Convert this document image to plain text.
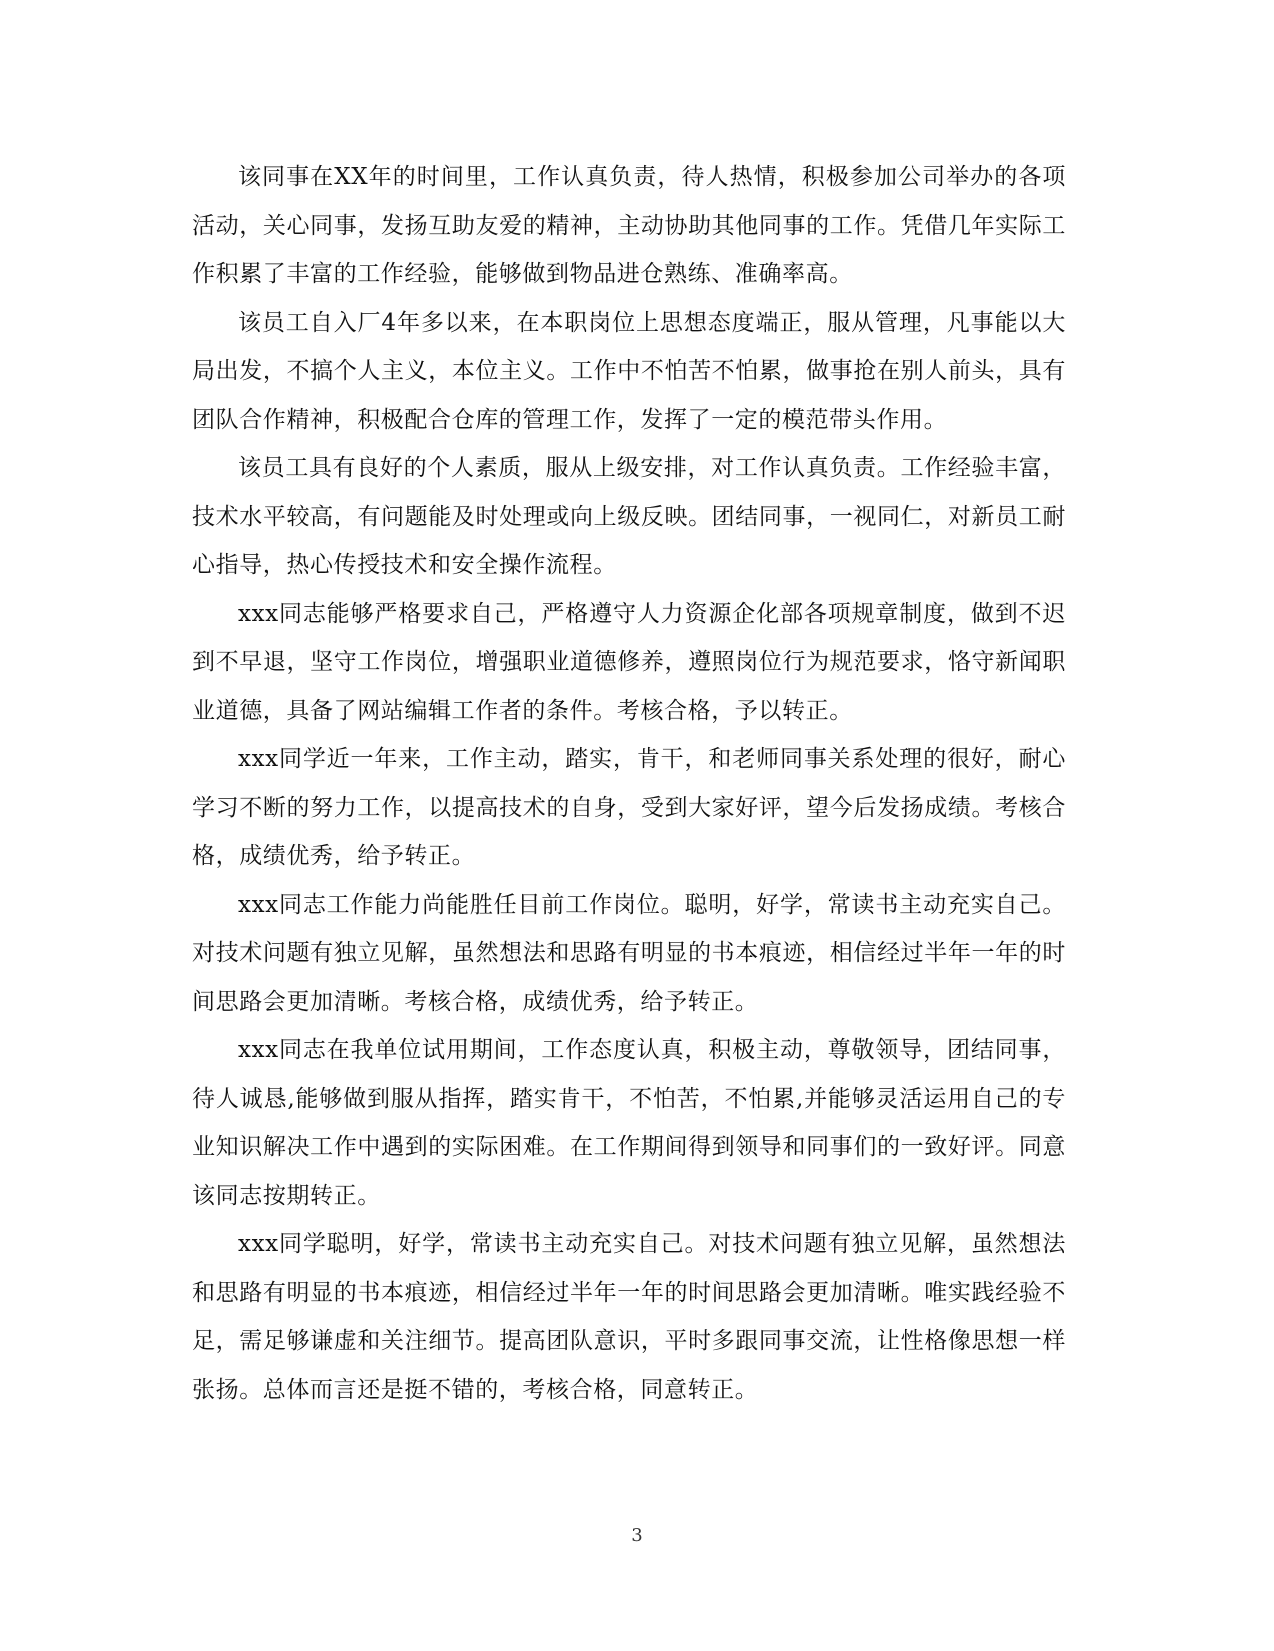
该同事在XX年的时间里，工作认真负责，待人热情，积极参加公司举办的各项活动，关心同事，发扬互助友爱的精神，主动协助其他同事的工作。凭借几年实际工作积累了丰富的工作经验，能够做到物品进仓熟练、准确率高。

该员工自入厂4年多以来，在本职岗位上思想态度端正，服从管理，凡事能以大局出发，不搞个人主义，本位主义。工作中不怕苦不怕累，做事抢在别人前头，具有团队合作精神，积极配合仓库的管理工作，发挥了一定的模范带头作用。

该员工具有良好的个人素质，服从上级安排，对工作认真负责。工作经验丰富，技术水平较高，有问题能及时处理或向上级反映。团结同事，一视同仁，对新员工耐心指导，热心传授技术和安全操作流程。

xxx同志能够严格要求自己，严格遵守人力资源企化部各项规章制度，做到不迟到不早退，坚守工作岗位，增强职业道德修养，遵照岗位行为规范要求，恪守新闻职业道德，具备了网站编辑工作者的条件。考核合格，予以转正。

xxx同学近一年来，工作主动，踏实，肯干，和老师同事关系处理的很好，耐心学习不断的努力工作，以提高技术的自身，受到大家好评，望今后发扬成绩。考核合格，成绩优秀，给予转正。

xxx同志工作能力尚能胜任目前工作岗位。聪明，好学，常读书主动充实自己。对技术问题有独立见解，虽然想法和思路有明显的书本痕迹，相信经过半年一年的时间思路会更加清晰。考核合格，成绩优秀，给予转正。

xxx同志在我单位试用期间，工作态度认真，积极主动，尊敬领导，团结同事，待人诚恳,能够做到服从指挥，踏实肯干，不怕苦，不怕累,并能够灵活运用自己的专业知识解决工作中遇到的实际困难。在工作期间得到领导和同事们的一致好评。同意该同志按期转正。

xxx同学聪明，好学，常读书主动充实自己。对技术问题有独立见解，虽然想法和思路有明显的书本痕迹，相信经过半年一年的时间思路会更加清晰。唯实践经验不足，需足够谦虚和关注细节。提高团队意识，平时多跟同事交流，让性格像思想一样张扬。总体而言还是挺不错的，考核合格，同意转正。

3
